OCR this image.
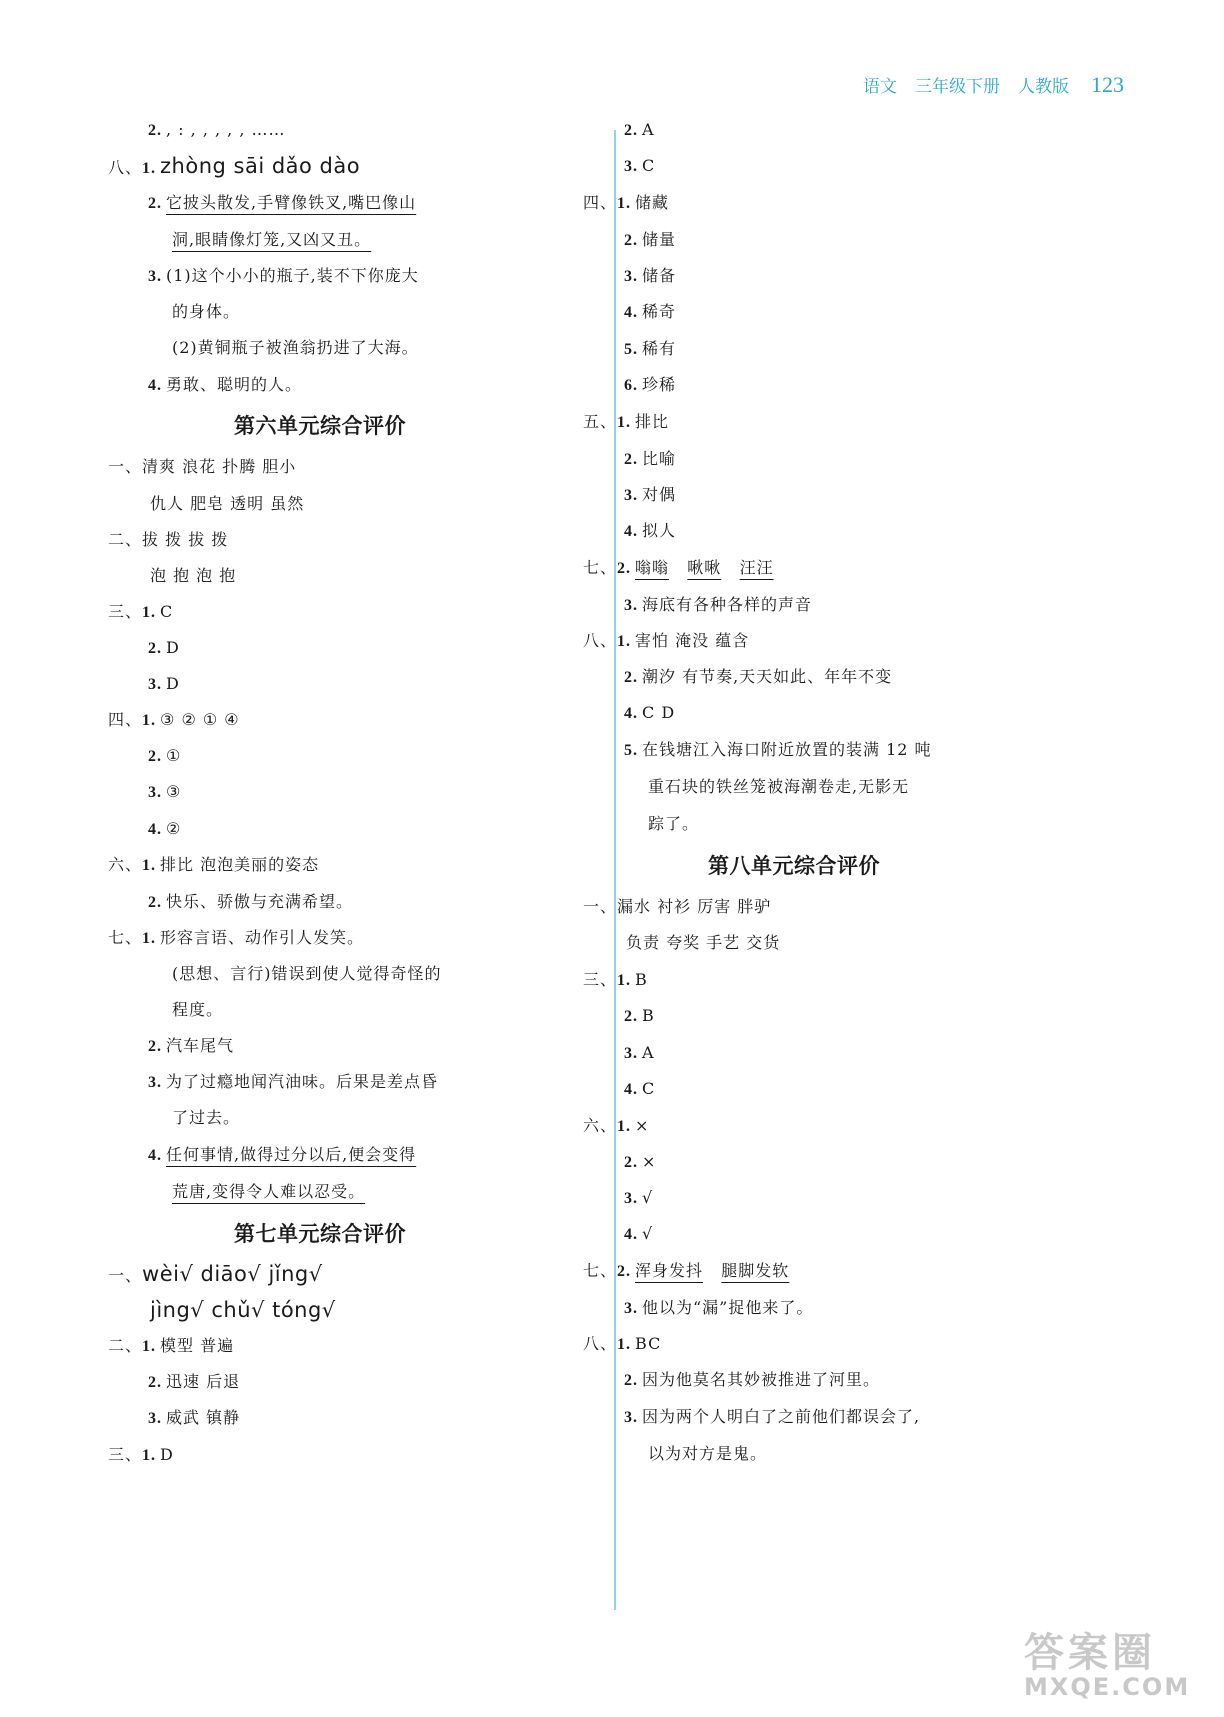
语文 三年级下册 人教版 123
2. , : , , , , , ……
八、1. zhòng sāi dǎo dào
2. 它披头散发,手臂像铁叉,嘴巴像山
洞,眼睛像灯笼,又凶又丑。
3. (1)这个小小的瓶子,装不下你庞大
的身体。
(2)黄铜瓶子被渔翁扔进了大海。
4. 勇敢、聪明的人。
第六单元综合评价
一、清爽 浪花 扑腾 胆小
仇人 肥皂 透明 虽然
二、拔 拨 拔 拨
泡 抱 泡 抱
三、1. C
2. D
3. D
四、1. ③ ② ① ④
2. ①
3. ③
4. ②
六、1. 排比 泡泡美丽的姿态
2. 快乐、骄傲与充满希望。
七、1. 形容言语、动作引人发笑。
(思想、言行)错误到使人觉得奇怪的
程度。
2. 汽车尾气
3. 为了过瘾地闻汽油味。后果是差点昏
了过去。
4. 任何事情,做得过分以后,便会变得
荒唐,变得令人难以忍受。
第七单元综合评价
一、wèi√ diāo√ jǐng√
jìng√ chǔ√ tóng√
二、1. 模型 普遍
2. 迅速 后退
3. 威武 镇静
三、1. D
2. A
3. C
四、1. 储藏
2. 储量
3. 储备
4. 稀奇
5. 稀有
6. 珍稀
五、1. 排比
2. 比喻
3. 对偶
4. 拟人
七、2. 嗡嗡 啾啾 汪汪
3. 海底有各种各样的声音
八、1. 害怕 淹没 蕴含
2. 潮汐 有节奏,天天如此、年年不变
4. C D
5. 在钱塘江入海口附近放置的装满 12 吨
重石块的铁丝笼被海潮卷走,无影无
踪了。
第八单元综合评价
一、漏水 衬衫 厉害 胖驴
负责 夸奖 手艺 交货
三、1. B
2. B
3. A
4. C
六、1. ×
2. ×
3. √
4. √
七、2. 浑身发抖 腿脚发软
3. 他以为“漏”捉他来了。
八、1. BC
2. 因为他莫名其妙被推进了河里。
3. 因为两个人明白了之前他们都误会了,
以为对方是鬼。
答案圈
MXQE.COM
